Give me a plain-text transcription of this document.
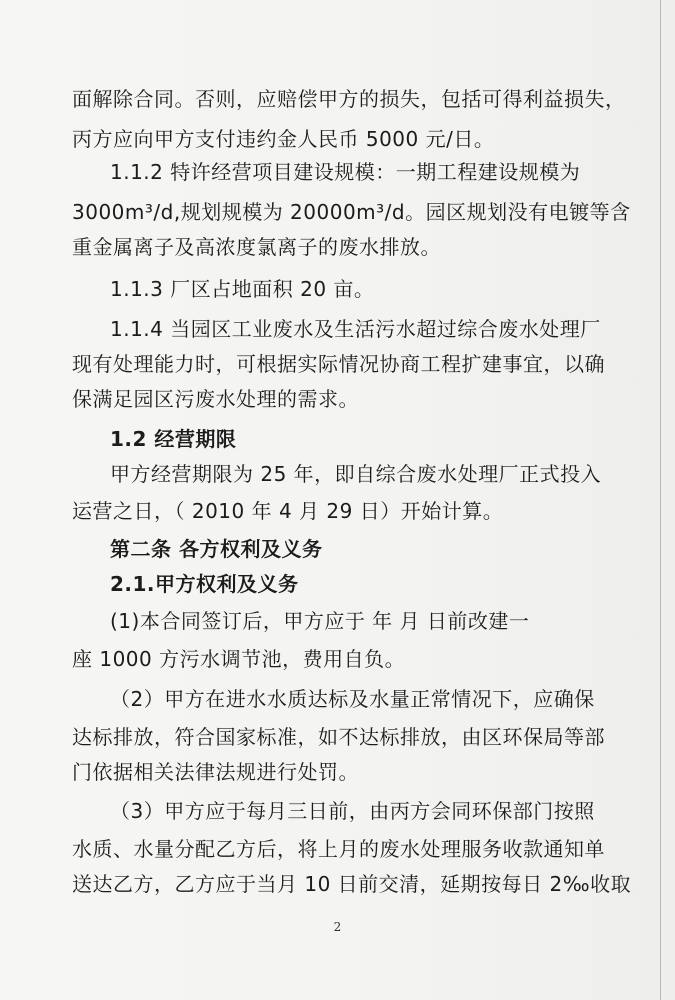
面解除合同。否则，应赔偿甲方的损失，包括可得利益损失，
丙方应向甲方支付违约金人民币 5000 元/日。
1.1.2 特许经营项目建设规模：一期工程建设规模为
3000m³/d,规划规模为 20000m³/d。园区规划没有电镀等含
重金属离子及高浓度氯离子的废水排放。
1.1.3 厂区占地面积 20 亩。
1.1.4 当园区工业废水及生活污水超过综合废水处理厂
现有处理能力时，可根据实际情况协商工程扩建事宜，以确
保满足园区污废水处理的需求。
1.2 经营期限
甲方经营期限为 25 年，即自综合废水处理厂正式投入
运营之日，（ 2010 年 4 月 29 日）开始计算。
第二条 各方权利及义务
2.1.甲方权利及义务
(1)本合同签订后，甲方应于 年 月 日前改建一
座 1000 方污水调节池，费用自负。
（2）甲方在进水水质达标及水量正常情况下，应确保
达标排放，符合国家标准，如不达标排放，由区环保局等部
门依据相关法律法规进行处罚。
（3）甲方应于每月三日前，由丙方会同环保部门按照
水质、水量分配乙方后，将上月的废水处理服务收款通知单
送达乙方，乙方应于当月 10 日前交清，延期按每日 2‰收取
2
